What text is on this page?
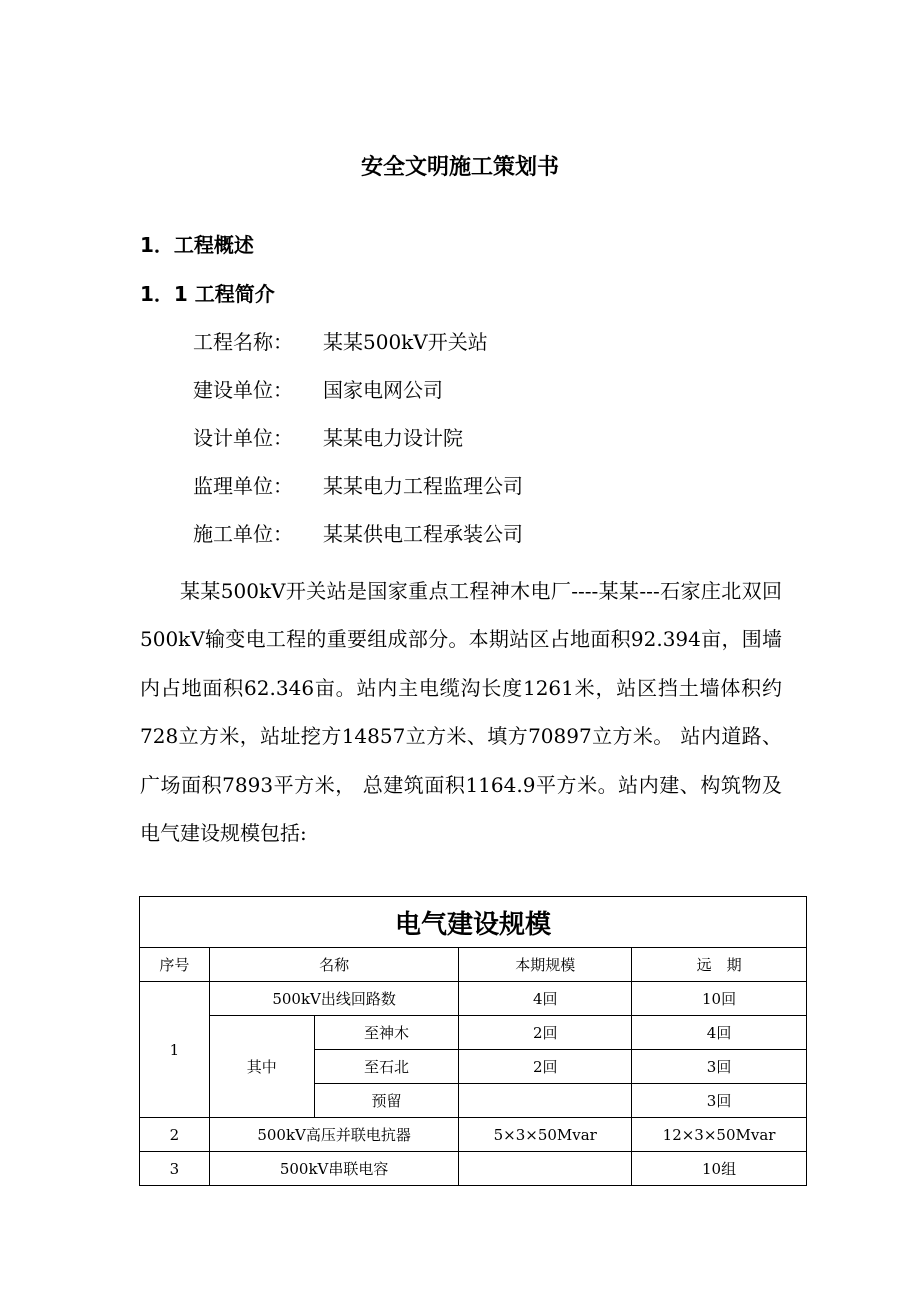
安全文明施工策划书
1．工程概述
1．1 工程简介
工程名称： 某某500kV开关站
建设单位： 国家电网公司
设计单位： 某某电力设计院
监理单位： 某某电力工程监理公司
施工单位： 某某供电工程承装公司

某某500kV开关站是国家重点工程神木电厂----某某---石家庄北双回500kV输变电工程的重要组成部分。本期站区占地面积92.394亩，围墙内占地面积62.346亩。站内主电缆沟长度1261米，站区挡土墙体积约728立方米，站址挖方14857立方米、填方70897立方米。 站内道路、广场面积7893平方米， 总建筑面积1164.9平方米。站内建、构筑物及电气建设规模包括:

电气建设规模				
序号	名称		本期规模	远　期
1	500kV出线回路数		4回	10回
	其中	至神木	2回	4回
		至石北	2回	3回
		预留		3回
2	500kV高压并联电抗器		5×3×50Mvar	12×3×50Mvar
3	500kV串联电容			10组
